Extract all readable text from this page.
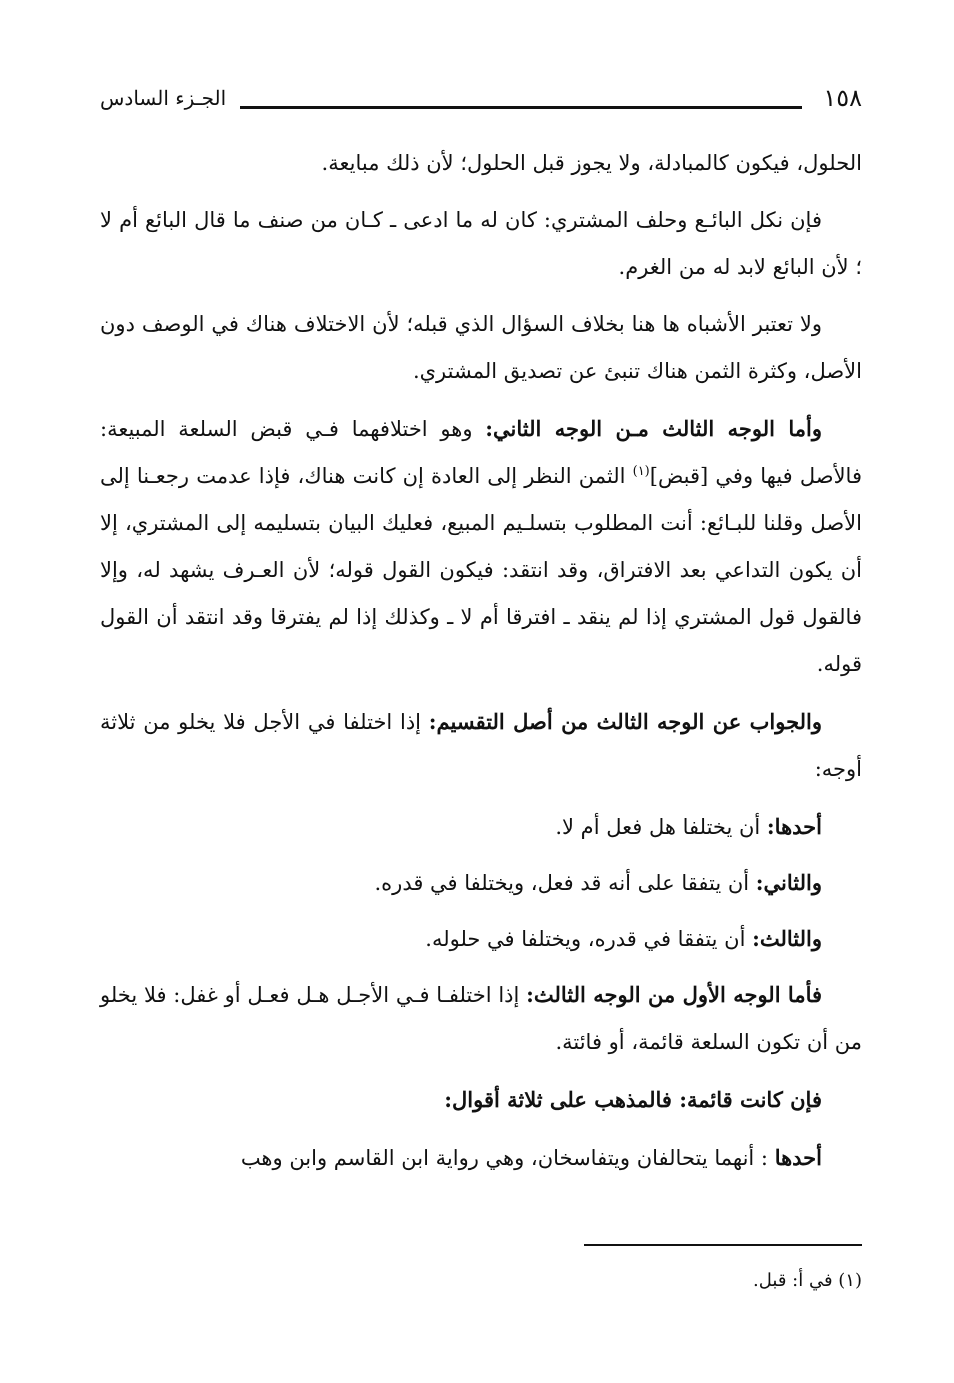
١٥٨
الجـزء السادس

الحلول، فيكون كالمبادلة، ولا يجوز قبل الحلول؛ لأن ذلك مبايعة.

فإن نكل البائـع وحلف المشتري: كان له ما ادعى ـ كـان من صنف ما قال البائع أم لا ؛ لأن البائع لابد له من الغرم.

ولا تعتبر الأشباه ها هنا بخلاف السؤال الذي قبله؛ لأن الاختلاف هناك في الوصف دون الأصل، وكثرة الثمن هناك تنبئ عن تصديق المشتري.

وأما الوجه الثالث مـن الوجه الثاني: وهو اختلافهما فـي قبض السلعة المبيعة: فالأصل فيها وفي [قبض]$^{(١)}$ الثمن النظر إلى العادة إن كانت هناك، فإذا عدمت رجعـنا إلى الأصل وقلنا للبـائع: أنت المطلوب بتسلـيم المبيع، فعليك البيان بتسليمه إلى المشتري، إلا أن يكون التداعي بعد الافتراق، وقد انتقد: فيكون القول قوله؛ لأن العـرف يشهد له، وإلا فالقول قول المشتري إذا لم ينقد ـ افترقا أم لا ـ وكذلك إذا لم يفترقا وقد انتقد أن القول قوله.

والجواب عن الوجه الثالث من أصل التقسيم: إذا اختلفا في الأجل فلا يخلو من ثلاثة أوجه:

أحدها: أن يختلفا هل فعل أم لا.

والثاني: أن يتفقا على أنه قد فعل، ويختلفا في قدره.

والثالث: أن يتفقا في قدره، ويختلفا في حلوله.

فأما الوجه الأول من الوجه الثالث: إذا اختلفـا فـي الأجـل هـل فعـل أو غفل: فلا يخلو من أن تكون السلعة قائمة، أو فائتة.

فإن كانت قائمة: فالمذهب على ثلاثة أقوال:

أحدها : أنهما يتحالفان ويتفاسخان، وهي رواية ابن القاسم وابن وهب

(١) في أ: قبل.
